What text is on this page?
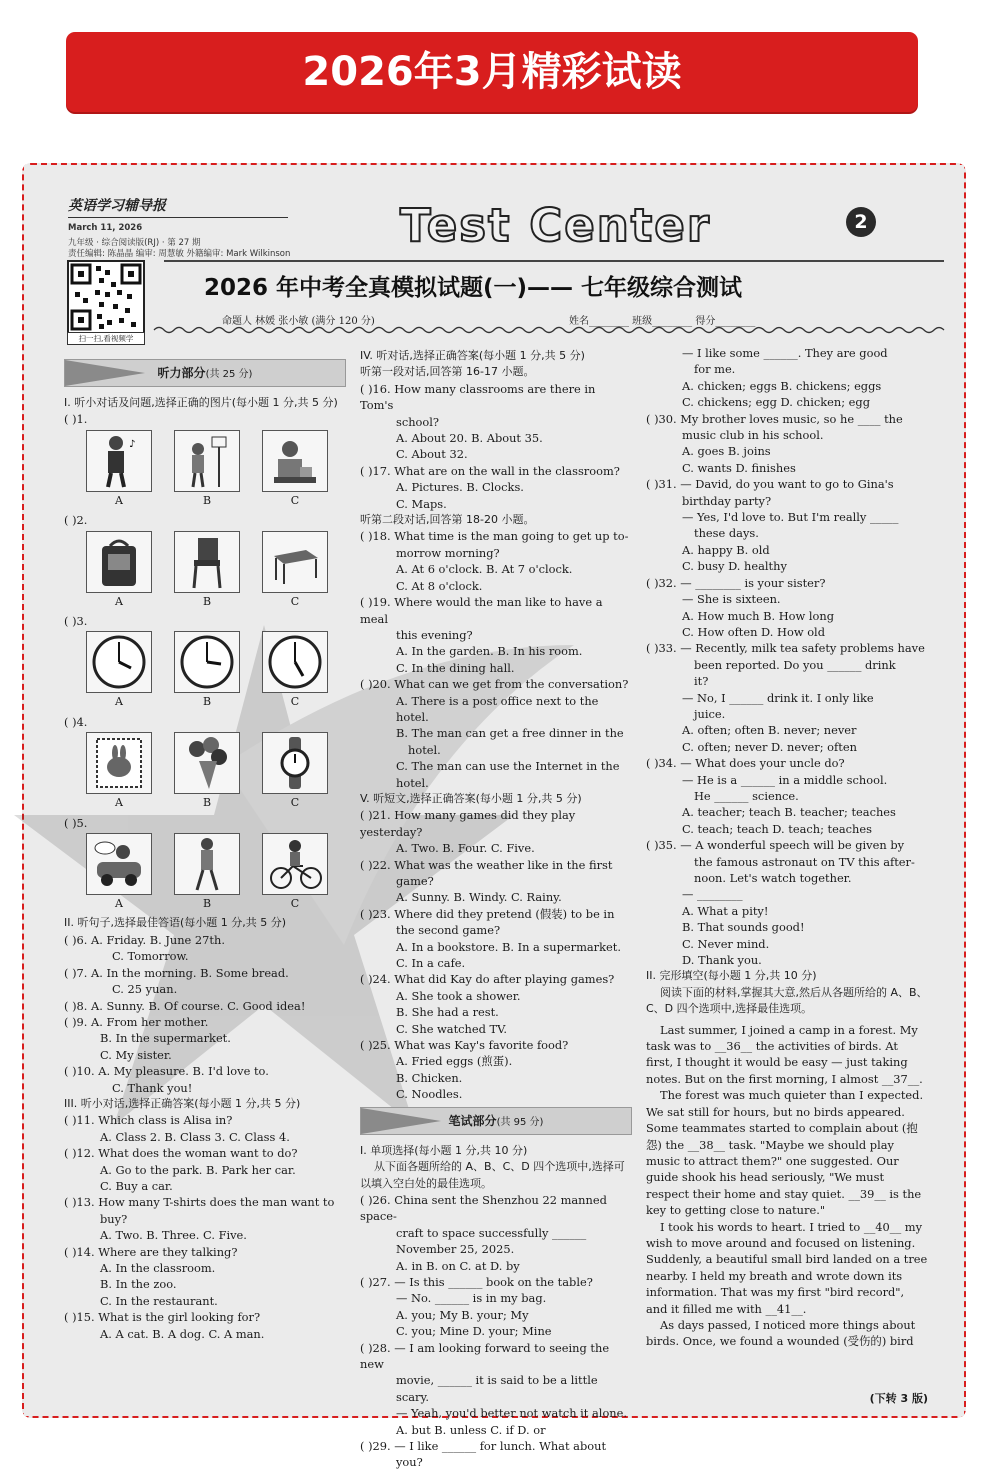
2026年3月精彩试读
英语学习辅导报
March 11, 2026
九年级 · 综合阅读版(RJ) · 第 27 期
责任编辑: 陈晶晶 编审: 周慧敏 外籍编审: Mark Wilkinson
Test Center	2
扫一扫,看视频学
2026 年中考全真模拟试题(一)—— 七年级综合测试
命题人 林媛 张小敏 (满分 120 分)	姓名________ 班级________ 得分________
听力部分(共 25 分)
I. 听小对话及问题,选择正确的图片(每小题 1 分,共 5 分)
( )1.
♪
A	B	C
( )2.
A	B	C
( )3.
A	B	C
( )4.
A	B	C
( )5.
A	B	C
II. 听句子,选择最佳答语(每小题 1 分,共 5 分)
( )6. A. Friday. B. June 27th.
C. Tomorrow.
( )7. A. In the morning. B. Some bread.
C. 25 yuan.
( )8. A. Sunny. B. Of course. C. Good idea!
( )9. A. From her mother.
B. In the supermarket.
C. My sister.
( )10. A. My pleasure. B. I'd love to.
C. Thank you!
III. 听小对话,选择正确答案(每小题 1 分,共 5 分)
( )11. Which class is Alisa in?
A. Class 2. B. Class 3. C. Class 4.
( )12. What does the woman want to do?
A. Go to the park. B. Park her car.
C. Buy a car.
( )13. How many T-shirts does the man want to
buy?
A. Two. B. Three. C. Five.
( )14. Where are they talking?
A. In the classroom.
B. In the zoo.
C. In the restaurant.
( )15. What is the girl looking for?
A. A cat. B. A dog. C. A man.
IV. 听对话,选择正确答案(每小题 1 分,共 5 分)
听第一段对话,回答第 16-17 小题。
( )16. How many classrooms are there in Tom's
school?
A. About 20. B. About 35.
C. About 32.
( )17. What are on the wall in the classroom?
A. Pictures. B. Clocks.
C. Maps.
听第二段对话,回答第 18-20 小题。
( )18. What time is the man going to get up to-
morrow morning?
A. At 6 o'clock. B. At 7 o'clock.
C. At 8 o'clock.
( )19. Where would the man like to have a meal
this evening?
A. In the garden. B. In his room.
C. In the dining hall.
( )20. What can we get from the conversation?
A. There is a post office next to the hotel.
B. The man can get a free dinner in the
hotel.
C. The man can use the Internet in the hotel.
V. 听短文,选择正确答案(每小题 1 分,共 5 分)
( )21. How many games did they play yesterday?
A. Two. B. Four. C. Five.
( )22. What was the weather like in the first
game?
A. Sunny. B. Windy. C. Rainy.
( )23. Where did they pretend (假装) to be in
the second game?
A. In a bookstore. B. In a supermarket.
C. In a cafe.
( )24. What did Kay do after playing games?
A. She took a shower.
B. She had a rest.
C. She watched TV.
( )25. What was Kay's favorite food?
A. Fried eggs (煎蛋).
B. Chicken.
C. Noodles.
笔试部分(共 95 分)
I. 单项选择(每小题 1 分,共 10 分)
从下面各题所给的 A、B、C、D 四个选项中,选择可以填入空白处的最佳选项。
( )26. China sent the Shenzhou 22 manned space-
craft to space successfully ______
November 25, 2025.
A. in B. on C. at D. by
( )27. — Is this ______ book on the table?
— No. ______ is in my bag.
A. you; My B. your; My
C. you; Mine D. your; Mine
( )28. — I am looking forward to seeing the new
movie, ______ it is said to be a little
scary.
— Yeah, you'd better not watch it alone.
A. but B. unless C. if D. or
( )29. — I like ______ for lunch. What about
you?
— I like some ______. They are good
for me.
A. chicken; eggs B. chickens; eggs
C. chickens; egg D. chicken; egg
( )30. My brother loves music, so he ____ the
music club in his school.
A. goes B. joins
C. wants D. finishes
( )31. — David, do you want to go to Gina's
birthday party?
— Yes, I'd love to. But I'm really _____
these days.
A. happy B. old
C. busy D. healthy
( )32. — ________ is your sister?
— She is sixteen.
A. How much B. How long
C. How often D. How old
( )33. — Recently, milk tea safety problems have
been reported. Do you ______ drink
it?
— No, I ______ drink it. I only like
juice.
A. often; often B. never; never
C. often; never D. never; often
( )34. — What does your uncle do?
— He is a ______ in a middle school.
He ______ science.
A. teacher; teach B. teacher; teaches
C. teach; teach D. teach; teaches
( )35. — A wonderful speech will be given by
the famous astronaut on TV this after-
noon. Let's watch together.
— ________
A. What a pity!
B. That sounds good!
C. Never mind.
D. Thank you.
II. 完形填空(每小题 1 分,共 10 分)
阅读下面的材料,掌握其大意,然后从各题所给的 A、B、C、D 四个选项中,选择最佳选项。
Last summer, I joined a camp in a forest. My task was to __36__ the activities of birds. At first, I thought it would be easy — just taking notes. But on the first morning, I almost __37__.
The forest was much quieter than I expected. We sat still for hours, but no birds appeared. Some teammates started to complain about (抱怨) the __38__ task. "Maybe we should play music to attract them?" one suggested. Our guide shook his head seriously, "We must respect their home and stay quiet. __39__ is the key to getting close to nature."
I took his words to heart. I tried to __40__ my wish to move around and focused on listening. Suddenly, a beautiful small bird landed on a tree nearby. I held my breath and wrote down its information. That was my first "bird record", and it filled me with __41__.
As days passed, I noticed more things about birds. Once, we found a wounded (受伤的) bird
(下转 3 版)
